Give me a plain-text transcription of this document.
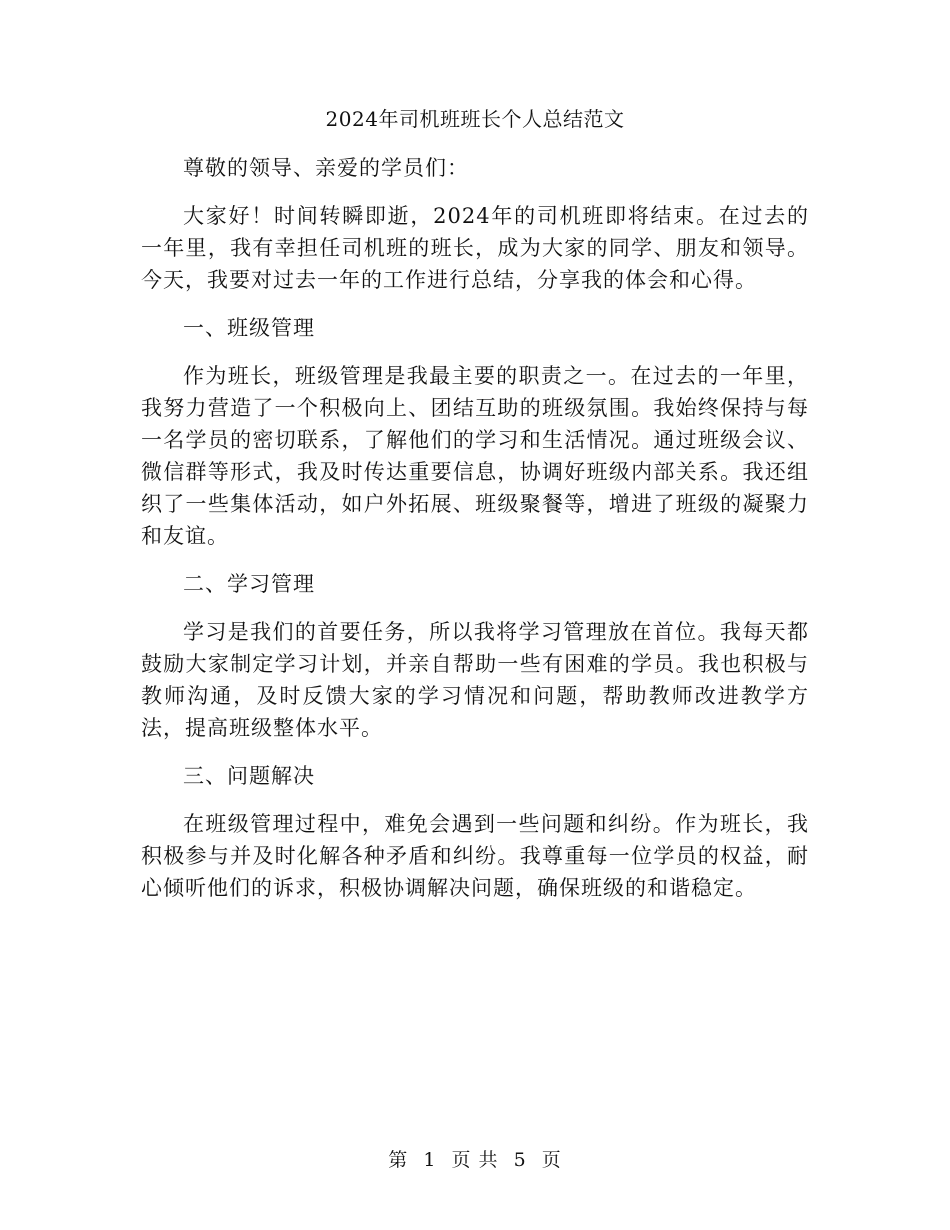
2024年司机班班长个人总结范文

尊敬的领导、亲爱的学员们：

大家好！时间转瞬即逝，2024年的司机班即将结束。在过去的一年里，我有幸担任司机班的班长，成为大家的同学、朋友和领导。今天，我要对过去一年的工作进行总结，分享我的体会和心得。

一、班级管理

作为班长，班级管理是我最主要的职责之一。在过去的一年里，我努力营造了一个积极向上、团结互助的班级氛围。我始终保持与每一名学员的密切联系，了解他们的学习和生活情况。通过班级会议、微信群等形式，我及时传达重要信息，协调好班级内部关系。我还组织了一些集体活动，如户外拓展、班级聚餐等，增进了班级的凝聚力和友谊。

二、学习管理

学习是我们的首要任务，所以我将学习管理放在首位。我每天都鼓励大家制定学习计划，并亲自帮助一些有困难的学员。我也积极与教师沟通，及时反馈大家的学习情况和问题，帮助教师改进教学方法，提高班级整体水平。

三、问题解决

在班级管理过程中，难免会遇到一些问题和纠纷。作为班长，我积极参与并及时化解各种矛盾和纠纷。我尊重每一位学员的权益，耐心倾听他们的诉求，积极协调解决问题，确保班级的和谐稳定。

第 1 页 共 5 页
